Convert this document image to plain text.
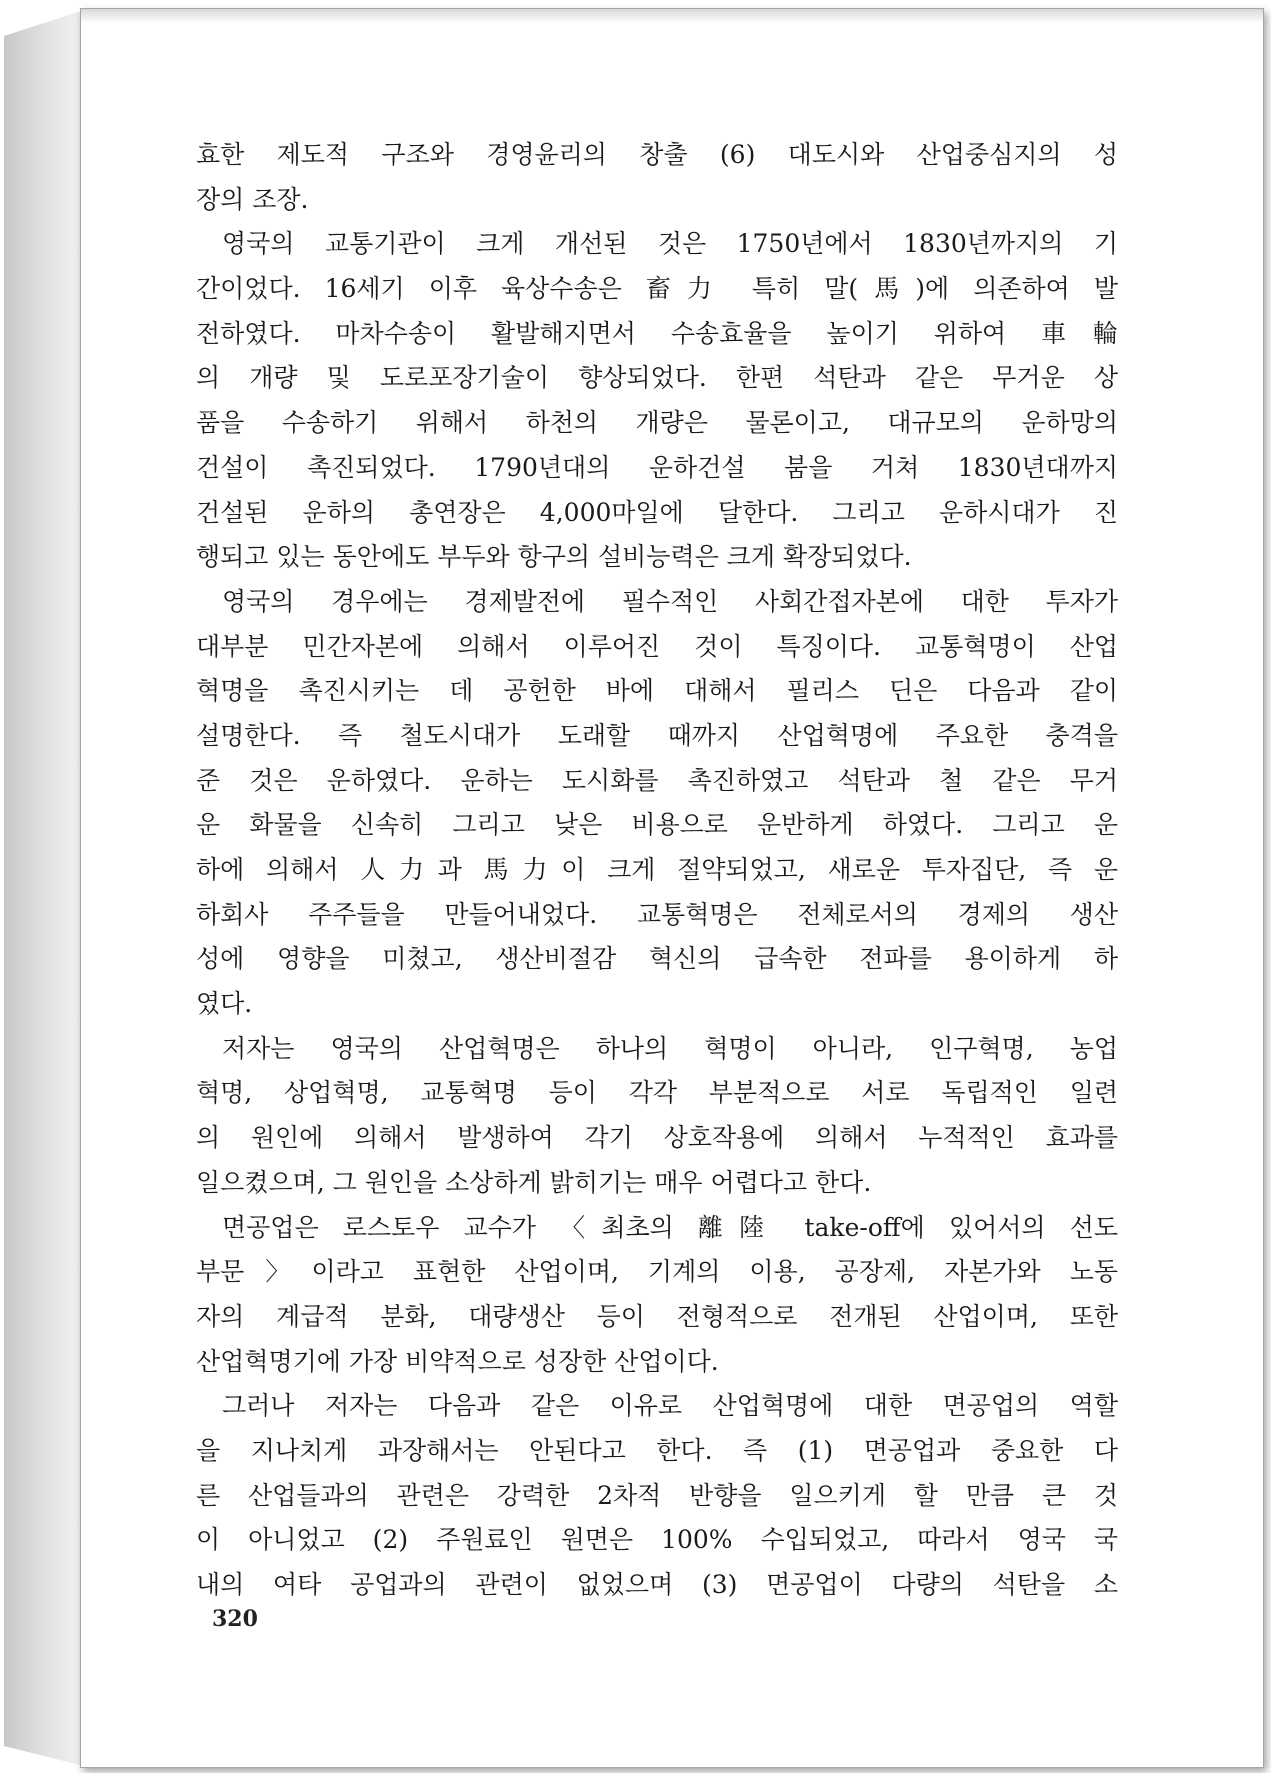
효한 제도적 구조와 경영윤리의 창출 (6) 대도시와 산업중심지의 성
장의 조장.
영국의 교통기관이 크게 개선된 것은 1750년에서 1830년까지의 기
간이었다. 16세기 이후 육상수송은 畜力 특히 말(馬)에 의존하여 발
전하였다. 마차수송이 활발해지면서 수송효율을 높이기 위하여 車輪
의 개량 및 도로포장기술이 향상되었다. 한편 석탄과 같은 무거운 상
품을 수송하기 위해서 하천의 개량은 물론이고, 대규모의 운하망의
건설이 촉진되었다. 1790년대의 운하건설 붐을 거쳐 1830년대까지
건설된 운하의 총연장은 4,000마일에 달한다. 그리고 운하시대가 진
행되고 있는 동안에도 부두와 항구의 설비능력은 크게 확장되었다.
영국의 경우에는 경제발전에 필수적인 사회간접자본에 대한 투자가
대부분 민간자본에 의해서 이루어진 것이 특징이다. 교통혁명이 산업
혁명을 촉진시키는 데 공헌한 바에 대해서 필리스 딘은 다음과 같이
설명한다. 즉 철도시대가 도래할 때까지 산업혁명에 주요한 충격을
준 것은 운하였다. 운하는 도시화를 촉진하였고 석탄과 철 같은 무거
운 화물을 신속히 그리고 낮은 비용으로 운반하게 하였다. 그리고 운
하에 의해서 人力과 馬力이 크게 절약되었고, 새로운 투자집단, 즉 운
하회사 주주들을 만들어내었다. 교통혁명은 전체로서의 경제의 생산
성에 영향을 미쳤고, 생산비절감 혁신의 급속한 전파를 용이하게 하
였다.
저자는 영국의 산업혁명은 하나의 혁명이 아니라, 인구혁명, 농업
혁명, 상업혁명, 교통혁명 등이 각각 부분적으로 서로 독립적인 일련
의 원인에 의해서 발생하여 각기 상호작용에 의해서 누적적인 효과를
일으켰으며, 그 원인을 소상하게 밝히기는 매우 어렵다고 한다.
면공업은 로스토우 교수가 〈최초의 離陸 take-off에 있어서의 선도
부문〉이라고 표현한 산업이며, 기계의 이용, 공장제, 자본가와 노동
자의 계급적 분화, 대량생산 등이 전형적으로 전개된 산업이며, 또한
산업혁명기에 가장 비약적으로 성장한 산업이다.
그러나 저자는 다음과 같은 이유로 산업혁명에 대한 면공업의 역할
을 지나치게 과장해서는 안된다고 한다. 즉 (1) 면공업과 중요한 다
른 산업들과의 관련은 강력한 2차적 반향을 일으키게 할 만큼 큰 것
이 아니었고 (2) 주원료인 원면은 100% 수입되었고, 따라서 영국 국
내의 여타 공업과의 관련이 없었으며 (3) 면공업이 다량의 석탄을 소
320
